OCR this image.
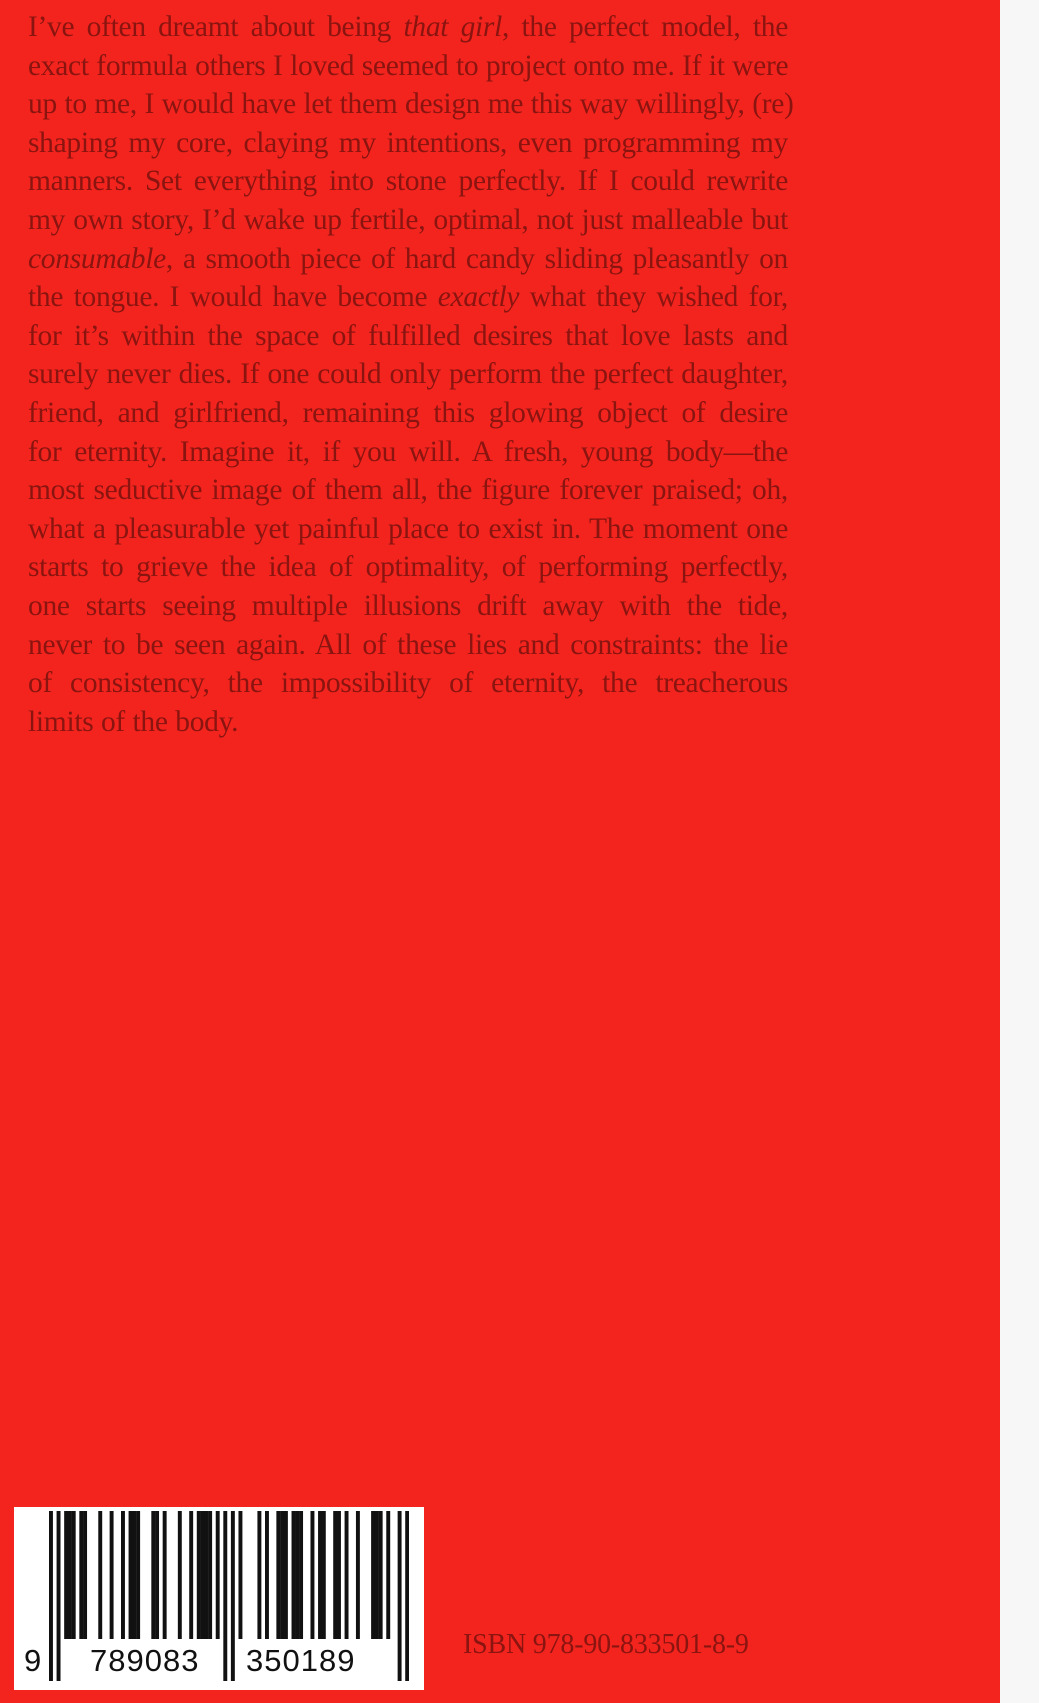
I’ve often dreamt about being that girl, the perfect model, the
exact formula others I loved seemed to project onto me. If it were
up to me, I would have let them design me this way willingly, (re)
shaping my core, claying my intentions, even programming my
manners. Set everything into stone perfectly. If I could rewrite
my own story, I’d wake up fertile, optimal, not just malleable but
consumable, a smooth piece of hard candy sliding pleasantly on
the tongue. I would have become exactly what they wished for,
for it’s within the space of fulfilled desires that love lasts and
surely never dies. If one could only perform the perfect daughter,
friend, and girlfriend, remaining this glowing object of desire
for eternity. Imagine it, if you will. A fresh, young body—the
most seductive image of them all, the figure forever praised; oh,
what a pleasurable yet painful place to exist in. The moment one
starts to grieve the idea of optimality, of performing perfectly,
one starts seeing multiple illusions drift away with the tide,
never to be seen again. All of these lies and constraints: the lie
of consistency, the impossibility of eternity, the treacherous
limits of the body.

9 789083 350189	ISBN 978-90-833501-8-9
